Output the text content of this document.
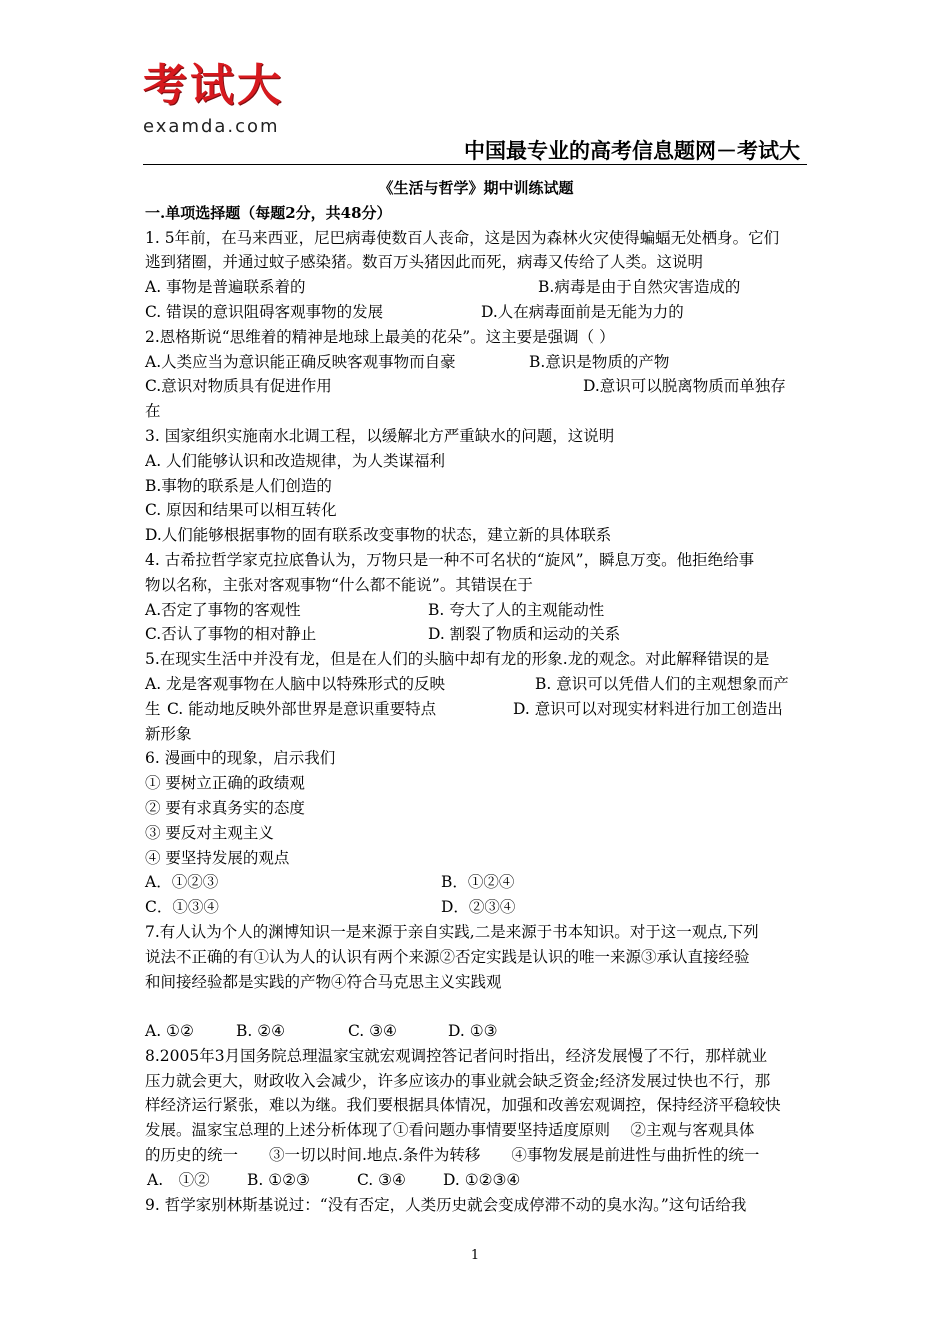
考试大
examda.com
中国最专业的高考信息题网－考试大
《生活与哲学》期中训练试题
一.单项选择题（每题2分，共48分）
1. 5年前，在马来西亚，尼巴病毒使数百人丧命，这是因为森林火灾使得蝙蝠无处栖身。它们
逃到猪圈，并通过蚊子感染猪。数百万头猪因此而死，病毒又传给了人类。这说明
A. 事物是普遍联系着的	B.病毒是由于自然灾害造成的
C. 错误的意识阻碍客观事物的发展	D.人在病毒面前是无能为力的
2.恩格斯说“思维着的精神是地球上最美的花朵”。这主要是强调（ ）
A.人类应当为意识能正确反映客观事物而自豪	B.意识是物质的产物
C.意识对物质具有促进作用	D.意识可以脱离物质而单独存
在
3. 国家组织实施南水北调工程，以缓解北方严重缺水的问题，这说明
A. 人们能够认识和改造规律，为人类谋福利
B.事物的联系是人们创造的
C. 原因和结果可以相互转化
D.人们能够根据事物的固有联系改变事物的状态，建立新的具体联系
4. 古希拉哲学家克拉底鲁认为，万物只是一种不可名状的“旋风”，瞬息万变。他拒绝给事
物以名称，主张对客观事物“什么都不能说”。其错误在于
A.否定了事物的客观性	B. 夸大了人的主观能动性
C.否认了事物的相对静止	D. 割裂了物质和运动的关系
5.在现实生活中并没有龙，但是在人们的头脑中却有龙的形象.龙的观念。对此解释错误的是
A. 龙是客观事物在人脑中以特殊形式的反映	B. 意识可以凭借人们的主观想象而产
生 C. 能动地反映外部世界是意识重要特点	D. 意识可以对现实材料进行加工创造出
新形象
6. 漫画中的现象，启示我们
① 要树立正确的政绩观
② 要有求真务实的态度
③ 要反对主观主义
④ 要坚持发展的观点
A．①②③	B．①②④
C．①③④	D．②③④
7.有人认为个人的渊博知识一是来源于亲自实践,二是来源于书本知识。对于这一观点,下列
说法不正确的有①认为人的认识有两个来源②否定实践是认识的唯一来源③承认直接经验
和间接经验都是实践的产物④符合马克思主义实践观
A. ①②	B. ②④	C. ③④	D. ①③
8.2005年3月国务院总理温家宝就宏观调控答记者问时指出，经济发展慢了不行，那样就业
压力就会更大，财政收入会减少，许多应该办的事业就会缺乏资金;经济发展过快也不行，那
样经济运行紧张，难以为继。我们要根据具体情况，加强和改善宏观调控，保持经济平稳较快
发展。温家宝总理的上述分析体现了①看问题办事情要坚持适度原则　 ②主观与客观具体
的历史的统一　　③一切以时间.地点.条件为转移　　④事物发展是前进性与曲折性的统一
A.　①②	B. ①②③	C. ③④	D. ①②③④
9. 哲学家别林斯基说过：“没有否定，人类历史就会变成停滞不动的臭水沟。”这句话给我
1
